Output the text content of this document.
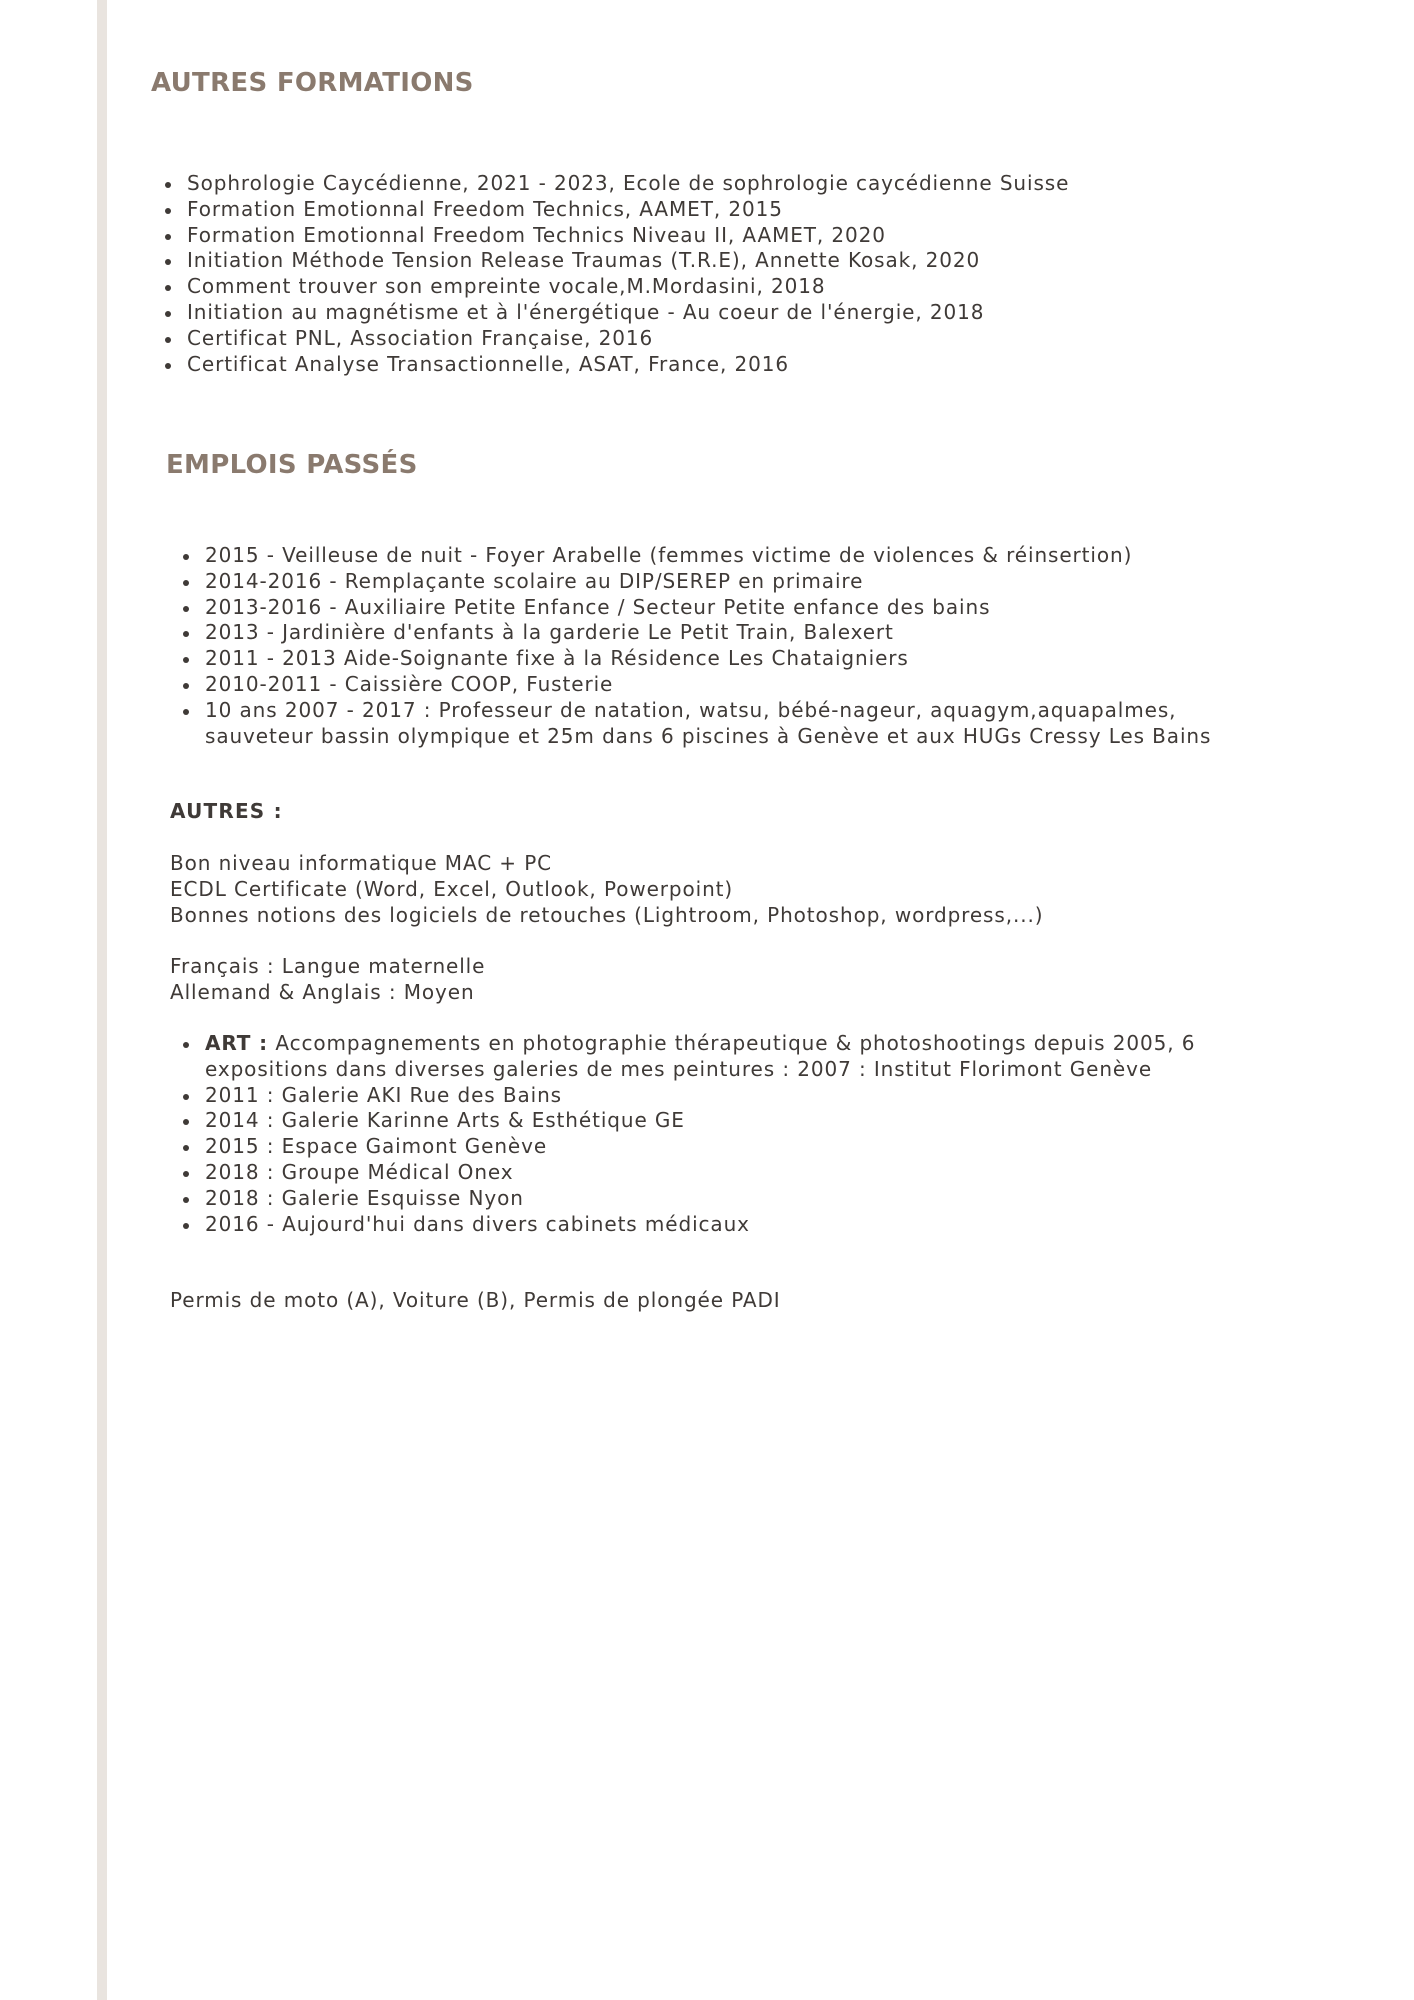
AUTRES FORMATIONS
Sophrologie Caycédienne, 2021 - 2023, Ecole de sophrologie caycédienne Suisse
Formation Emotionnal Freedom Technics, AAMET, 2015
Formation Emotionnal Freedom Technics Niveau II, AAMET, 2020
Initiation Méthode Tension Release Traumas (T.R.E), Annette Kosak, 2020
Comment trouver son empreinte vocale,M.Mordasini, 2018
Initiation au magnétisme et à l'énergétique - Au coeur de l'énergie, 2018
Certificat PNL, Association Française, 2016
Certificat Analyse Transactionnelle, ASAT, France, 2016
EMPLOIS PASSÉS
2015 - Veilleuse de nuit - Foyer Arabelle (femmes victime de violences & réinsertion)
2014-2016 - Remplaçante scolaire au DIP/SEREP en primaire
2013-2016 - Auxiliaire Petite Enfance / Secteur Petite enfance des bains
2013 - Jardinière d'enfants à la garderie Le Petit Train, Balexert
2011 - 2013 Aide-Soignante fixe à la Résidence Les Chataigniers
2010-2011 - Caissière COOP, Fusterie
10 ans 2007 - 2017 : Professeur de natation, watsu, bébé-nageur, aquagym,aquapalmes, sauveteur bassin olympique et 25m dans 6 piscines à Genève et aux HUGs Cressy Les Bains
AUTRES :
Bon niveau informatique MAC + PC
ECDL Certificate (Word, Excel, Outlook, Powerpoint)
Bonnes notions des logiciels de retouches (Lightroom, Photoshop, wordpress,...)
Français : Langue maternelle
Allemand & Anglais : Moyen
ART : Accompagnements en photographie thérapeutique & photoshootings depuis 2005, 6 expositions dans diverses galeries de mes peintures : 2007 : Institut Florimont Genève
2011 : Galerie AKI Rue des Bains
2014 : Galerie Karinne Arts & Esthétique GE
2015 : Espace Gaimont Genève
2018 : Groupe Médical Onex
2018 : Galerie Esquisse Nyon
2016 - Aujourd'hui dans divers cabinets médicaux
Permis de moto (A), Voiture (B), Permis de plongée PADI
